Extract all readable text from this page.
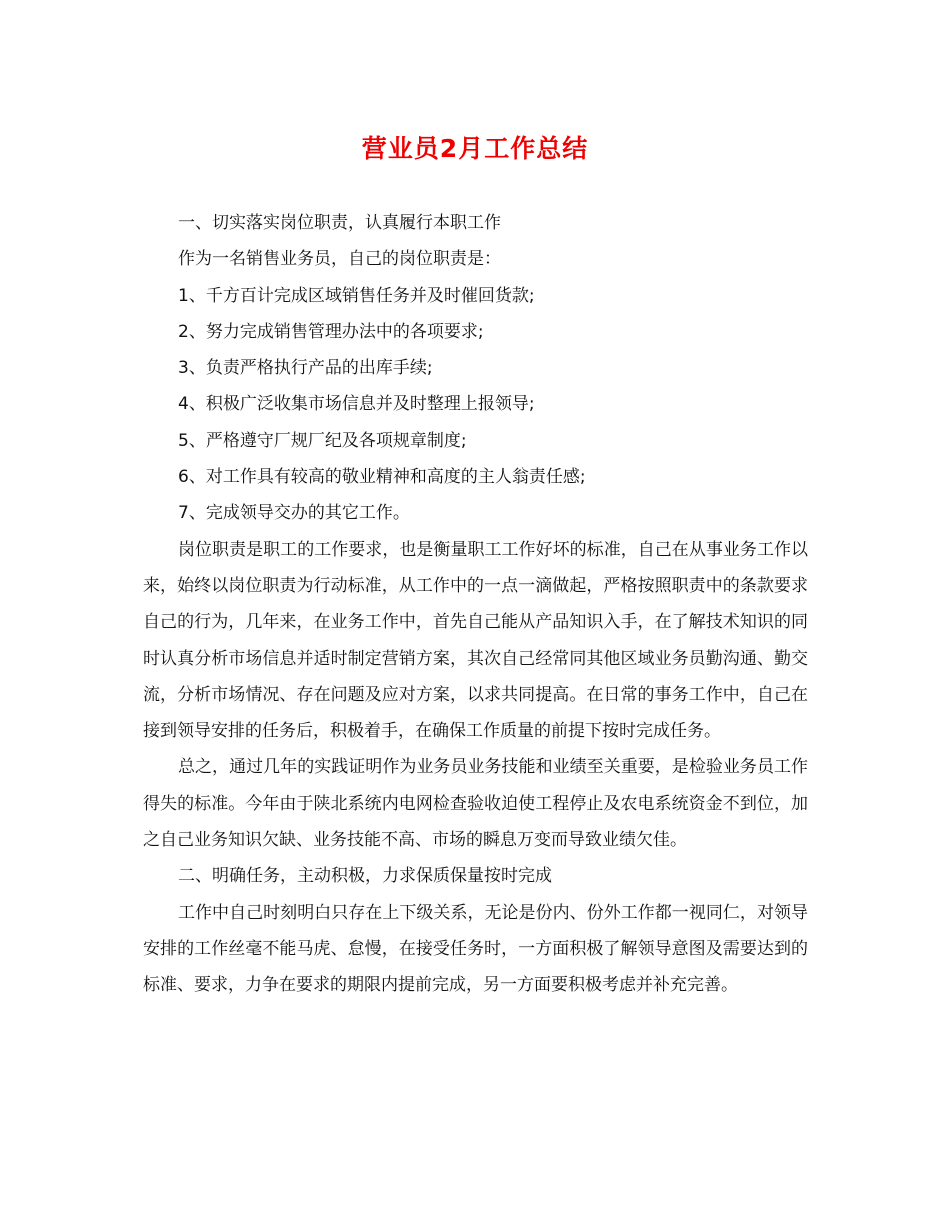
营业员2月工作总结

一、切实落实岗位职责，认真履行本职工作

作为一名销售业务员，自己的岗位职责是：

1、千方百计完成区域销售任务并及时催回货款;

2、努力完成销售管理办法中的各项要求;

3、负责严格执行产品的出库手续;

4、积极广泛收集市场信息并及时整理上报领导;

5、严格遵守厂规厂纪及各项规章制度;

6、对工作具有较高的敬业精神和高度的主人翁责任感;

7、完成领导交办的其它工作。

岗位职责是职工的工作要求，也是衡量职工工作好坏的标准，自己在从事业务工作以来，始终以岗位职责为行动标准，从工作中的一点一滴做起，严格按照职责中的条款要求自己的行为，几年来，在业务工作中，首先自己能从产品知识入手，在了解技术知识的同时认真分析市场信息并适时制定营销方案，其次自己经常同其他区域业务员勤沟通、勤交流，分析市场情况、存在问题及应对方案，以求共同提高。在日常的事务工作中，自己在接到领导安排的任务后，积极着手，在确保工作质量的前提下按时完成任务。

总之，通过几年的实践证明作为业务员业务技能和业绩至关重要，是检验业务员工作得失的标准。今年由于陕北系统内电网检查验收迫使工程停止及农电系统资金不到位，加之自己业务知识欠缺、业务技能不高、市场的瞬息万变而导致业绩欠佳。

二、明确任务，主动积极，力求保质保量按时完成

工作中自己时刻明白只存在上下级关系，无论是份内、份外工作都一视同仁，对领导安排的工作丝毫不能马虎、怠慢，在接受任务时，一方面积极了解领导意图及需要达到的标准、要求，力争在要求的期限内提前完成，另一方面要积极考虑并补充完善。
